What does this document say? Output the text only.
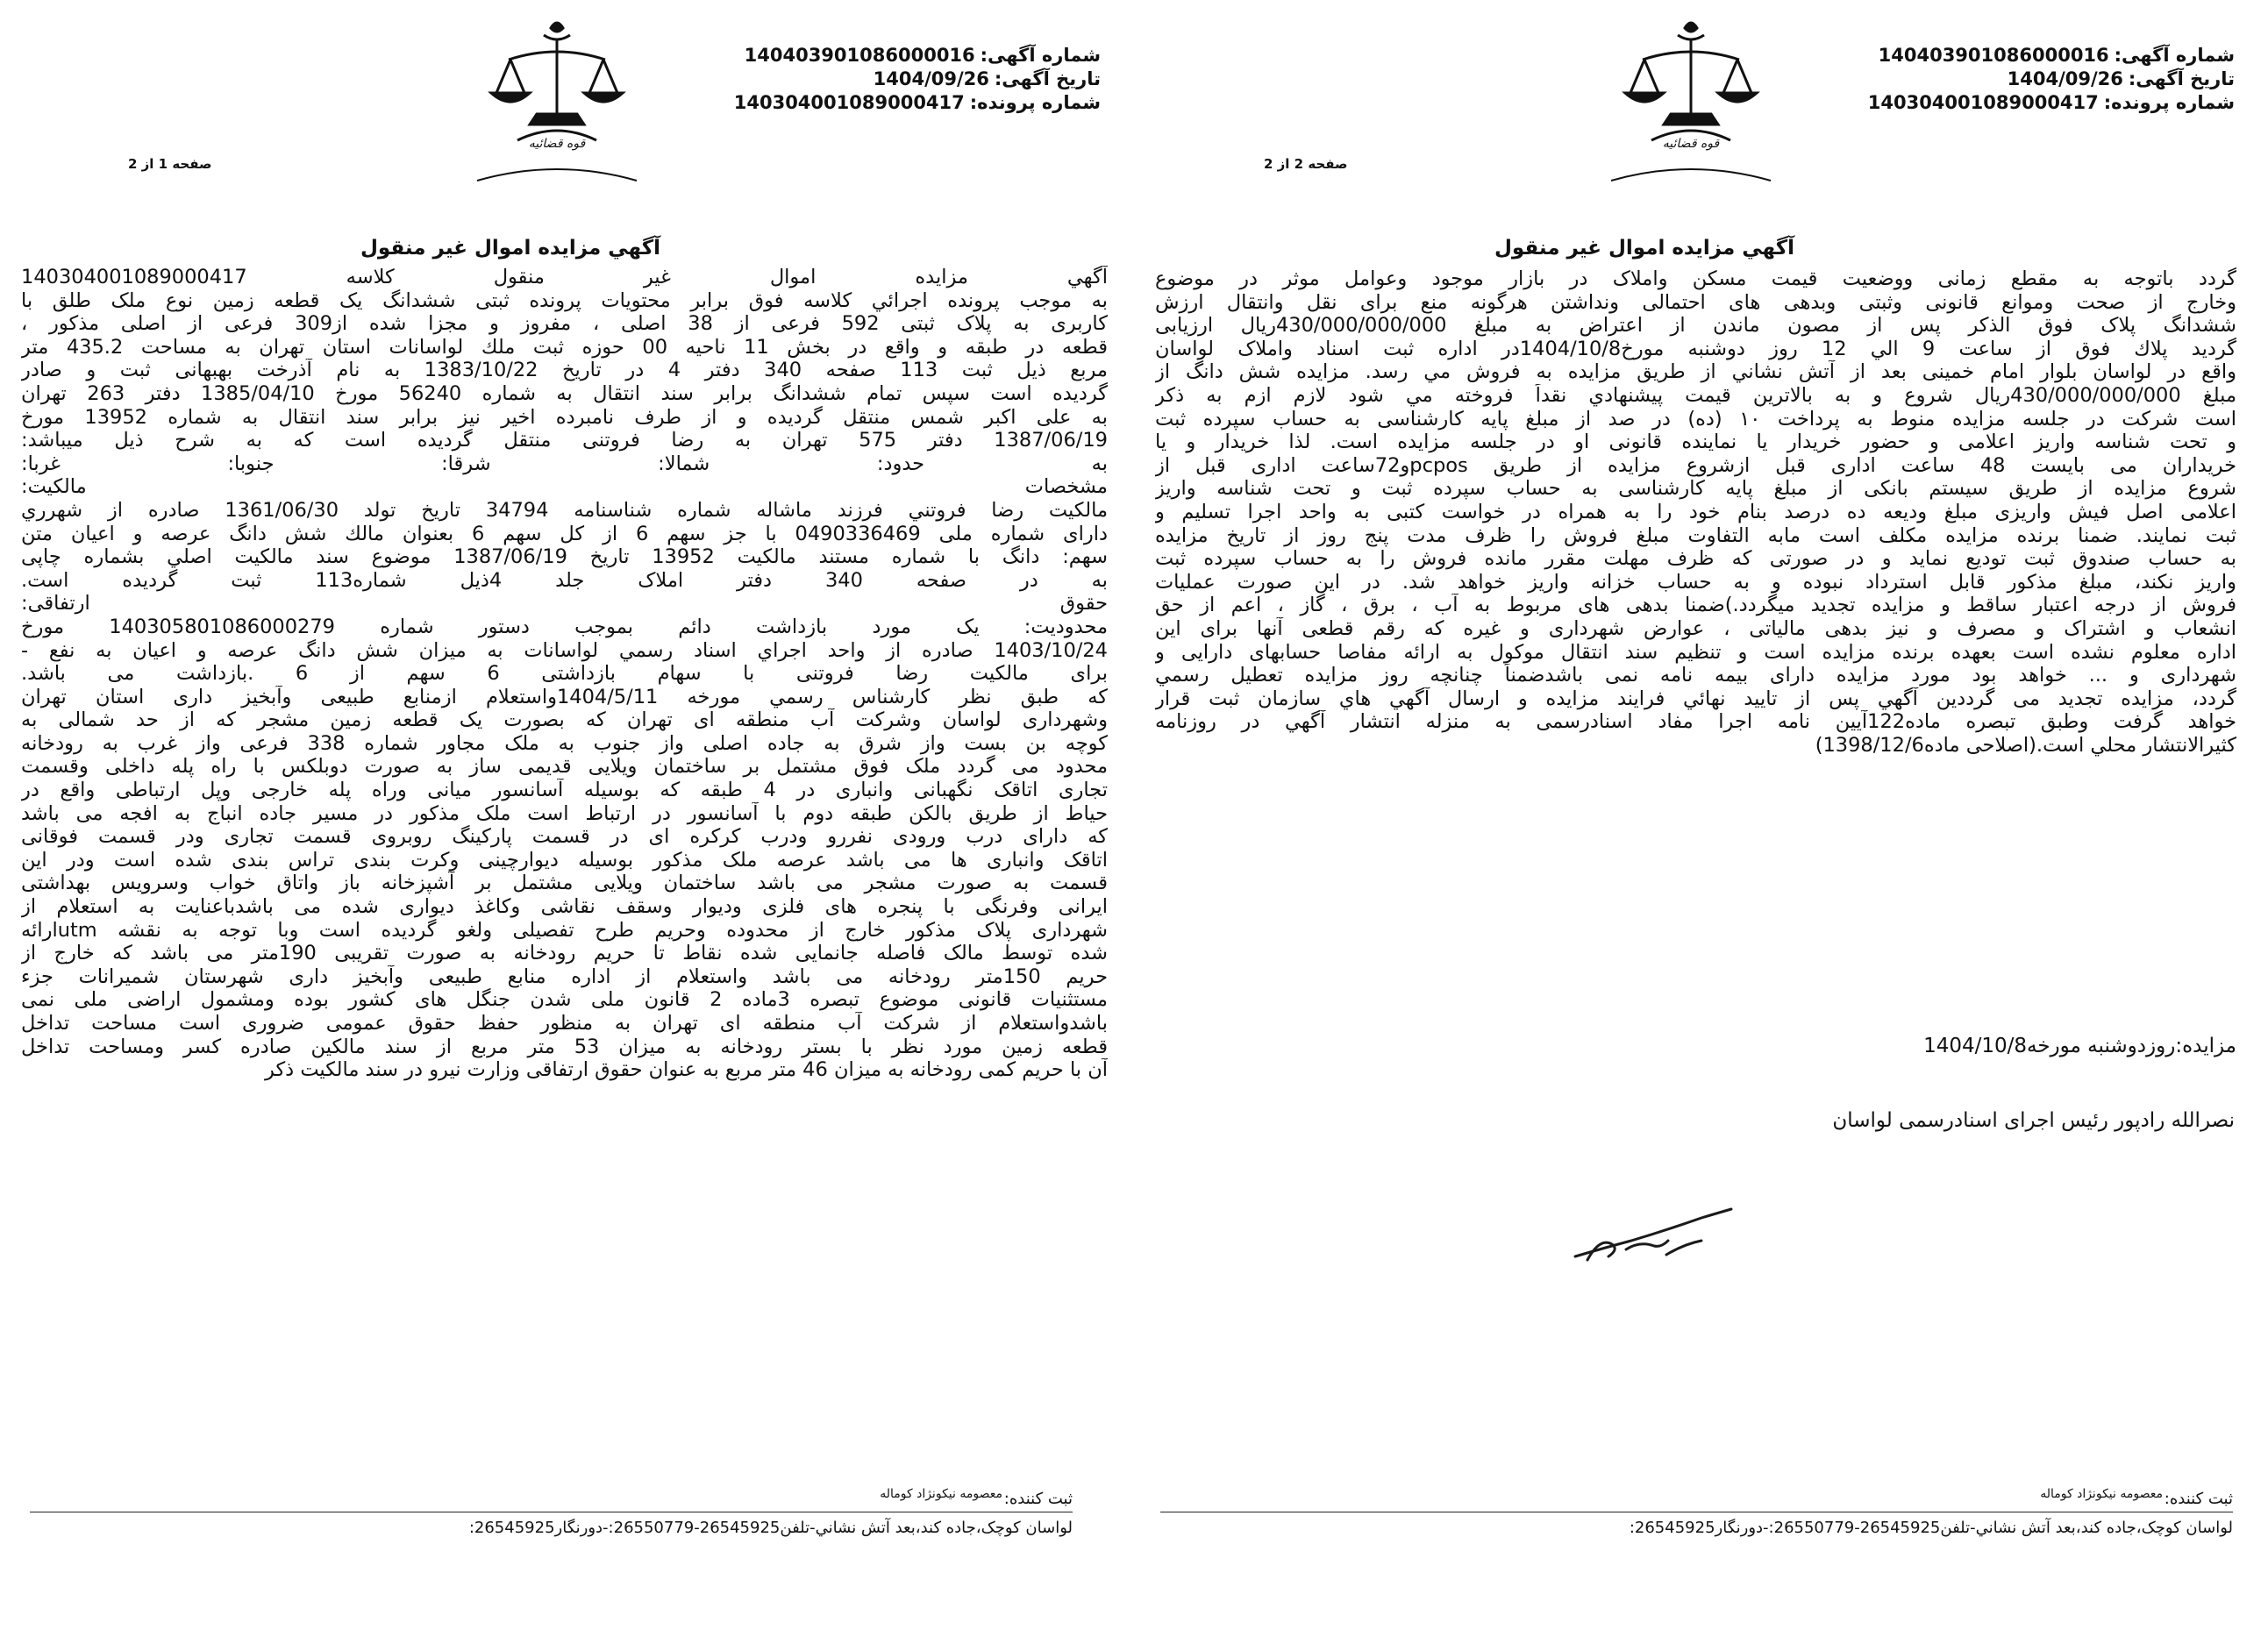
شماره آگهی:140403901086000016
تاریخ آگهی:1404/09/26
شماره پرونده:140304001089000417
قوه قضائیه
صفحه 1 از 2
آگهي مزايده اموال غير منقول
آگهي مزايده اموال غير منقول كلاسه 140304001089000417
به موجب پرونده اجرائي كلاسه فوق برابر محتويات پرونده ثبتی ششدانگ يک قطعه زمين نوع ملک طلق با
کاربری به پلاک ثبتی 592 فرعی از 38 اصلی ، مفروز و مجزا شده از309 فرعی از اصلی مذکور ،
قطعه در طبقه و واقع در بخش 11 ناحيه 00 حوزه ثبت ملك لواسانات استان تهران به مساحت 435.2 متر
مربع ذيل ثبت 113 صفحه 340 دفتر 4 در تاريخ 1383/10/22 به نام آذرخت بهبهانی ثبت و صادر
گرديده است سپس تمام ششدانگ برابر سند انتقال به شماره 56240 مورخ 1385/04/10 دفتر 263 تهران
به علی اکبر شمس منتقل گرديده و از طرف نامبرده اخير نيز برابر سند انتقال به شماره 13952 مورخ
1387/06/19 دفتر 575 تهران به رضا فروتنی منتقل گرديده است كه به شرح ذيل ميباشد:
به حدود: شمالا: شرقا: جنوبا: غربا:
مشخصات مالكيت:
مالكيت رضا فروتني فرزند ماشاله شماره شناسنامه 34794 تاريخ تولد 1361/06/30 صادره از شهرري
دارای شماره ملی 0490336469 با جز سهم 6 از كل سهم 6 بعنوان مالك شش دانگ عرصه و اعيان متن
سهم: دانگ با شماره مستند مالكيت 13952 تاريخ 1387/06/19 موضوع سند مالكيت اصلي بشماره چاپی
به در صفحه 340 دفتر املاک جلد 4ذيل شماره113 ثبت گرديده است.
حقوق ارتفاقی:
محدوديت: يک مورد بازداشت دائم بموجب دستور شماره 140305801086000279 مورخ
1403/10/24 صادره از واحد اجراي اسناد رسمي لواسانات به ميزان شش دانگ عرصه و اعيان به نفع -
برای مالكيت رضا فروتنی با سهام بازداشتی 6 سهم از 6 .بازداشت می باشد.
که طبق نظر کارشناس رسمي مورخه 1404/5/11واستعلام ازمنابع طبيعی وآبخيز داری استان تهران
وشهرداری لواسان وشرکت آب منطقه ای تهران که بصورت يک قطعه زمين مشجر که از حد شمالی به
کوچه بن بست واز شرق به جاده اصلی واز جنوب به ملک مجاور شماره 338 فرعی واز غرب به رودخانه
محدود می گردد ملک فوق مشتمل بر ساختمان ويلايی قديمی ساز به صورت دوبلکس با راه پله داخلی وقسمت
تجاری اتاقک نگهبانی وانباری در 4 طبقه که بوسيله آسانسور ميانی وراه پله خارجی وپل ارتباطی واقع در
حياط از طريق بالکن طبقه دوم با آسانسور در ارتباط است ملک مذکور در مسير جاده انباج به افجه می باشد
که دارای درب ورودی نفررو ودرب کرکره ای در قسمت پارکينگ روبروی قسمت تجاری ودر قسمت فوقانی
اتاقک وانباری ها می باشد عرصه ملک مذکور بوسيله ديوارچينی وکرت بندی تراس بندی شده است ودر اين
قسمت به صورت مشجر می باشد ساختمان ويلايی مشتمل بر آشپزخانه باز واتاق خواب وسرويس بهداشتی
ايرانی وفرنگی با پنجره های فلزی وديوار وسقف نقاشی وکاغذ ديواری شده می باشدباعنايت به استعلام از
شهرداری پلاک مذکور خارج از محدوده وحريم طرح تفصيلی ولغو گرديده است وبا توجه به نقشه utmارائه
شده توسط مالک فاصله جانمايی شده نقاط تا حريم رودخانه به صورت تقريبی 190متر می باشد که خارج از
حريم 150متر رودخانه می باشد واستعلام از اداره منابع طبيعی وآبخيز داری شهرستان شميرانات جزء
مستثنيات قانونی موضوع تبصره 3ماده 2 قانون ملی شدن جنگل های کشور بوده ومشمول اراضی ملی نمی
باشدواستعلام از شرکت آب منطقه ای تهران به منظور حفظ حقوق عمومی ضروری است مساحت تداخل
قطعه زمين مورد نظر با بستر رودخانه به ميزان 53 متر مربع از سند مالکين صادره کسر ومساحت تداخل
آن با حريم کمی رودخانه به ميزان 46 متر مربع به عنوان حقوق ارتفاقی وزارت نيرو در سند مالکيت ذکر
ثبت کننده:
معصومه نيکونژاد کوماله
لواسان کوچک،جاده کند،بعد آتش نشاني-تلفن26545925-26550779:-دورنگار26545925:
شماره آگهی:140403901086000016
تاریخ آگهی:1404/09/26
شماره پرونده:140304001089000417
قوه قضائیه
صفحه 2 از 2
آگهي مزايده اموال غير منقول
گردد باتوجه به مقطع زمانی ووضعيت قيمت مسکن واملاک در بازار موجود وعوامل موثر در موضوع
وخارج از صحت وموانع قانونی وثبتی وبدهی های احتمالی ونداشتن هرگونه منع برای نقل وانتقال ارزش
ششدانگ پلاک فوق الذکر پس از مصون ماندن از اعتراض به مبلغ 430/000/000/000ريال ارزيابی
گرديد پلاك فوق از ساعت 9 الي 12 روز دوشنبه مورخ1404/10/8در اداره ثبت اسناد واملاک لواسان
واقع در لواسان بلوار امام خمينی بعد از آتش نشاني از طريق مزايده به فروش مي رسد. مزايده شش دانگ از
مبلغ 430/000/000/000ريال شروع و به بالاترين قيمت پيشنهادي نقداً فروخته مي شود لازم ازم به ذكر
است شركت در جلسه مزايده منوط به پرداخت ١٠ (ده) در صد از مبلغ پايه کارشناسی به حساب سپرده ثبت
و تحت شناسه واريز اعلامی و حضور خريدار يا نماينده قانونی او در جلسه مزايده است. لذا خريدار و يا
خريداران می بايست 48 ساعت اداری قبل ازشروع مزايده از طريق pcposو72ساعت اداری قبل از
شروع مزايده از طريق سيستم بانکی از مبلغ پايه کارشناسی به حساب سپرده ثبت و تحت شناسه واريز
اعلامی اصل فيش واريزی مبلغ وديعه ده درصد بنام خود را به همراه در خواست کتبی به واحد اجرا تسليم و
ثبت نمايند. ضمنا برنده مزايده مکلف است مابه التفاوت مبلغ فروش را ظرف مدت پنج روز از تاريخ مزايده
به حساب صندوق ثبت توديع نمايد و در صورتی كه ظرف مهلت مقرر مانده فروش را به حساب سپرده ثبت
واريز نكند، مبلغ مذكور قابل استرداد نبوده و به حساب خزانه واريز خواهد شد. در اين صورت عمليات
فروش از درجه اعتبار ساقط و مزايده تجديد ميگردد.)ضمنا بدهی های مربوط به آب ، برق ، گاز ، اعم از حق
انشعاب و اشتراک و مصرف و نيز بدهی مالياتی ، عوارض شهرداری و غيره که رقم قطعی آنها برای اين
اداره معلوم نشده است بعهده برنده مزايده است و تنظيم سند انتقال موکول به ارائه مفاصا حسابهای دارايی و
شهرداری و ... خواهد بود مورد مزايده دارای بيمه نامه نمی باشدضمناً چنانچه روز مزايده تعطيل رسمي
گردد، مزايده تجديد می گرددين آگهي پس از تاييد نهائي فرايند مزايده و ارسال آگهي هاي سازمان ثبت قرار
خواهد گرفت وطبق تبصره ماده122آيين نامه اجرا مفاد اسنادرسمی به منزله انتشار آگهي در روزنامه
كثيرالانتشار محلي است.(اصلاحی ماده1398/12/6)
مزايده:روزدوشنبه مورخه1404/10/8
نصرالله رادپور رئيس اجرای اسنادرسمی لواسان
ثبت کننده:
معصومه نيکونژاد کوماله
لواسان کوچک،جاده کند،بعد آتش نشاني-تلفن26545925-26550779:-دورنگار26545925:
